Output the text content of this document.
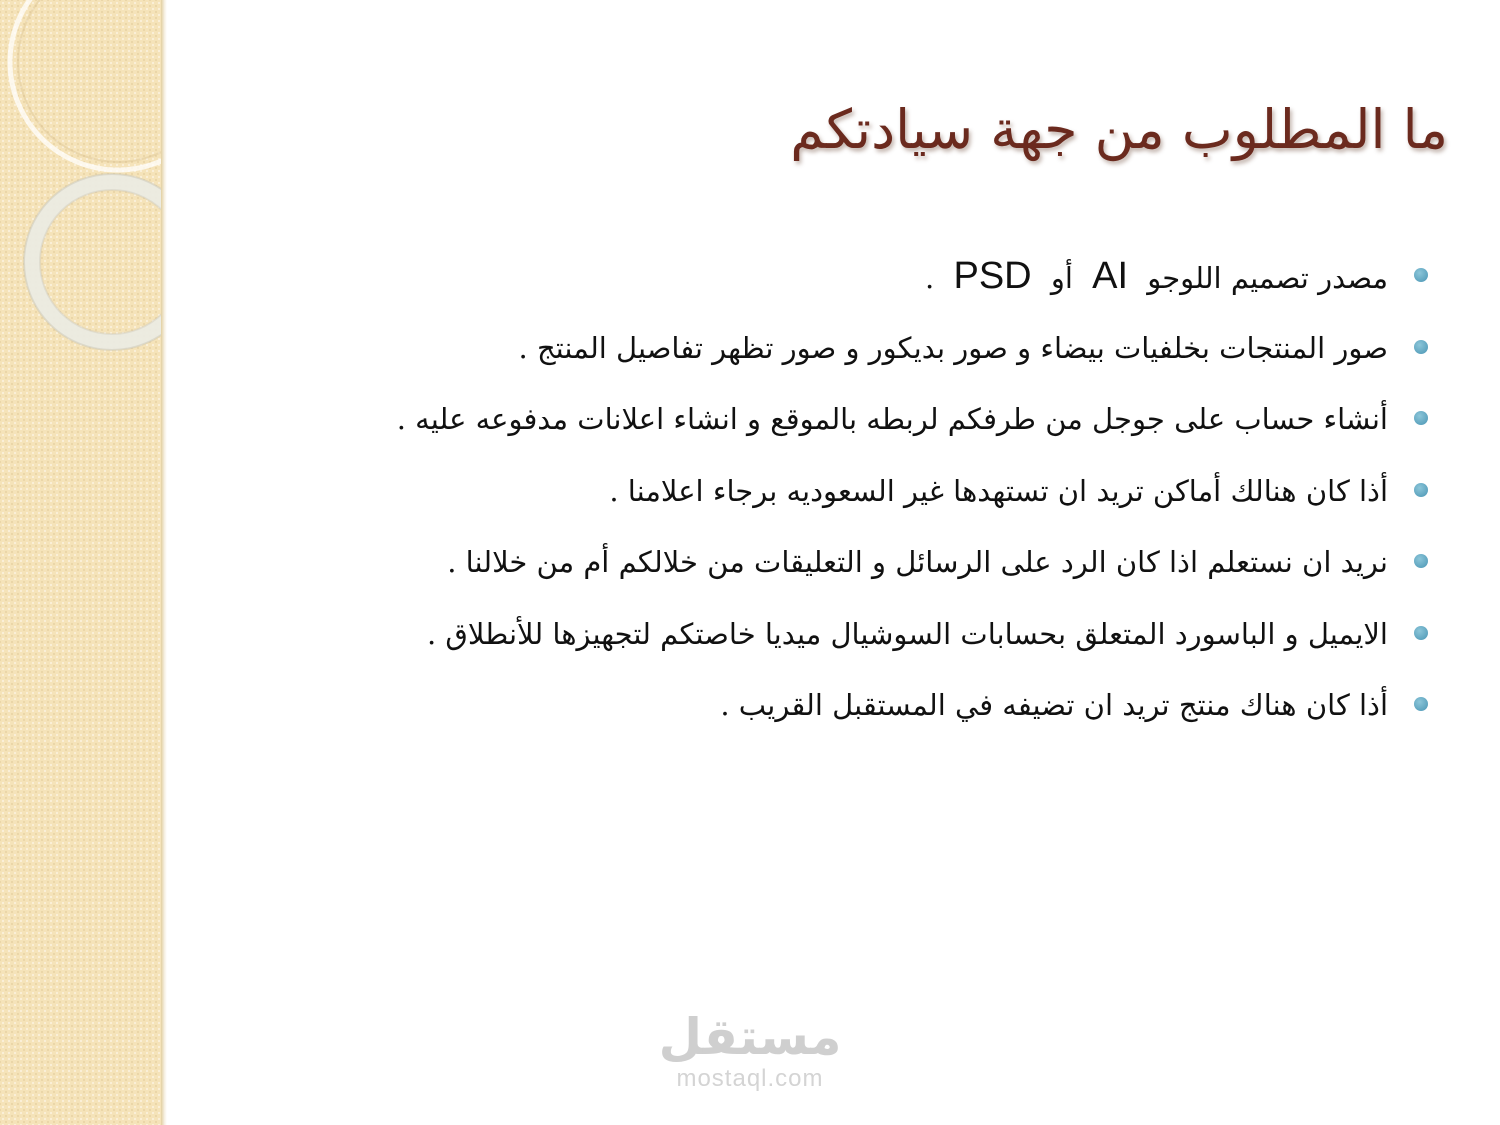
ما المطلوب من جهة سيادتكم
مصدر تصميم اللوجو AI أو PSD .
صور المنتجات بخلفيات بيضاء و صور بديكور و صور تظهر تفاصيل المنتج .
أنشاء حساب على جوجل من طرفكم لربطه بالموقع و انشاء اعلانات مدفوعه عليه .
أذا كان هنالك أماكن تريد ان تستهدها غير السعوديه برجاء اعلامنا .
نريد ان نستعلم اذا كان الرد على الرسائل و التعليقات من خلالكم أم من خلالنا .
الايميل و الباسورد المتعلق بحسابات السوشيال ميديا خاصتكم لتجهيزها للأنطلاق .
أذا كان هناك منتج تريد ان تضيفه في المستقبل القريب .
مستقل
mostaql.com
